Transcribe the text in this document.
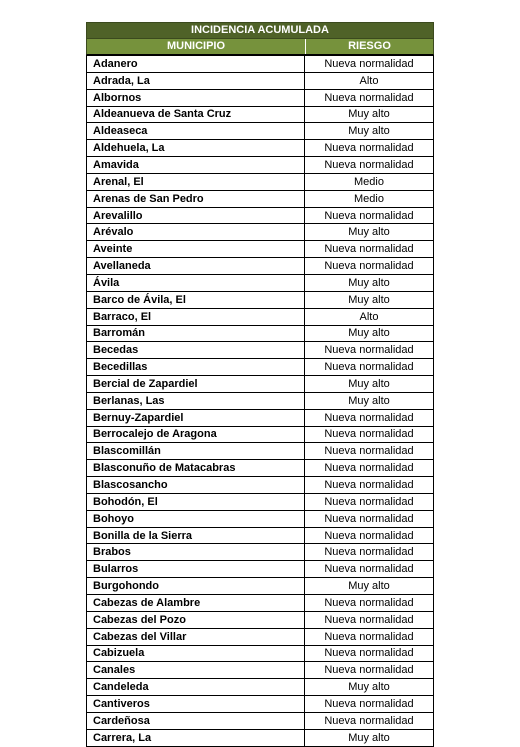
INCIDENCIA ACUMULADA
MUNICIPIO	RIESGO
Adanero	Nueva normalidad
Adrada, La	Alto
Albornos	Nueva normalidad
Aldeanueva de Santa Cruz	Muy alto
Aldeaseca	Muy alto
Aldehuela, La	Nueva normalidad
Amavida	Nueva normalidad
Arenal, El	Medio
Arenas de San Pedro	Medio
Arevalillo	Nueva normalidad
Arévalo	Muy alto
Aveinte	Nueva normalidad
Avellaneda	Nueva normalidad
Ávila	Muy alto
Barco de Ávila, El	Muy alto
Barraco, El	Alto
Barromán	Muy alto
Becedas	Nueva normalidad
Becedillas	Nueva normalidad
Bercial de Zapardiel	Muy alto
Berlanas, Las	Muy alto
Bernuy-Zapardiel	Nueva normalidad
Berrocalejo de Aragona	Nueva normalidad
Blascomillán	Nueva normalidad
Blasconuño de Matacabras	Nueva normalidad
Blascosancho	Nueva normalidad
Bohodón, El	Nueva normalidad
Bohoyo	Nueva normalidad
Bonilla de la Sierra	Nueva normalidad
Brabos	Nueva normalidad
Bularros	Nueva normalidad
Burgohondo	Muy alto
Cabezas de Alambre	Nueva normalidad
Cabezas del Pozo	Nueva normalidad
Cabezas del Villar	Nueva normalidad
Cabizuela	Nueva normalidad
Canales	Nueva normalidad
Candeleda	Muy alto
Cantiveros	Nueva normalidad
Cardeñosa	Nueva normalidad
Carrera, La	Muy alto
